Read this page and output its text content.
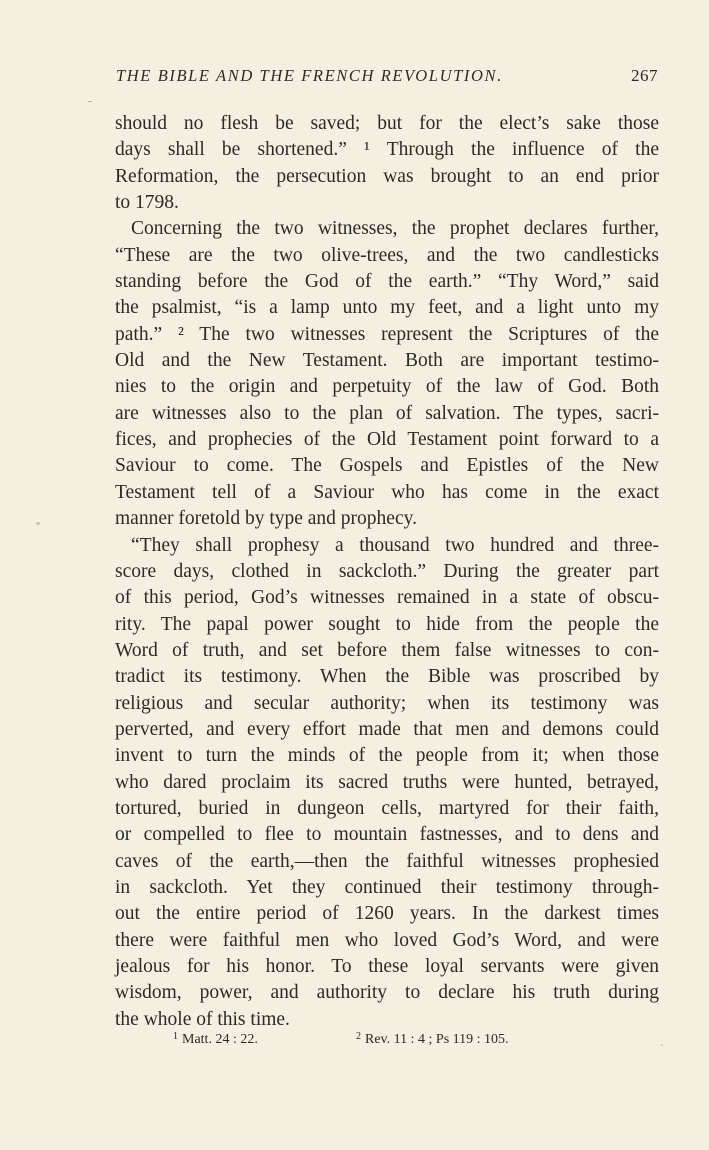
THE BIBLE AND THE FRENCH REVOLUTION.	267
should no flesh be saved; but for the elect’s sake those
days shall be shortened.” ¹ Through the influence of the
Reformation, the persecution was brought to an end prior
to 1798.
Concerning the two witnesses, the prophet declares further,
“These are the two olive-trees, and the two candlesticks
standing before the God of the earth.” “Thy Word,” said
the psalmist, “is a lamp unto my feet, and a light unto my
path.” ² The two witnesses represent the Scriptures of the
Old and the New Testament. Both are important testimo-
nies to the origin and perpetuity of the law of God. Both
are witnesses also to the plan of salvation. The types, sacri-
fices, and prophecies of the Old Testament point forward to a
Saviour to come. The Gospels and Epistles of the New
Testament tell of a Saviour who has come in the exact
manner foretold by type and prophecy.
“They shall prophesy a thousand two hundred and three-
score days, clothed in sackcloth.” During the greater part
of this period, God’s witnesses remained in a state of obscu-
rity. The papal power sought to hide from the people the
Word of truth, and set before them false witnesses to con-
tradict its testimony. When the Bible was proscribed by
religious and secular authority; when its testimony was
perverted, and every effort made that men and demons could
invent to turn the minds of the people from it; when those
who dared proclaim its sacred truths were hunted, betrayed,
tortured, buried in dungeon cells, martyred for their faith,
or compelled to flee to mountain fastnesses, and to dens and
caves of the earth,—then the faithful witnesses prophesied
in sackcloth. Yet they continued their testimony through-
out the entire period of 1260 years. In the darkest times
there were faithful men who loved God’s Word, and were
jealous for his honor. To these loyal servants were given
wisdom, power, and authority to declare his truth during
the whole of this time.
$^1$ Matt. 24 : 22.	$^2$ Rev. 11 : 4 ; Ps 119 : 105.
